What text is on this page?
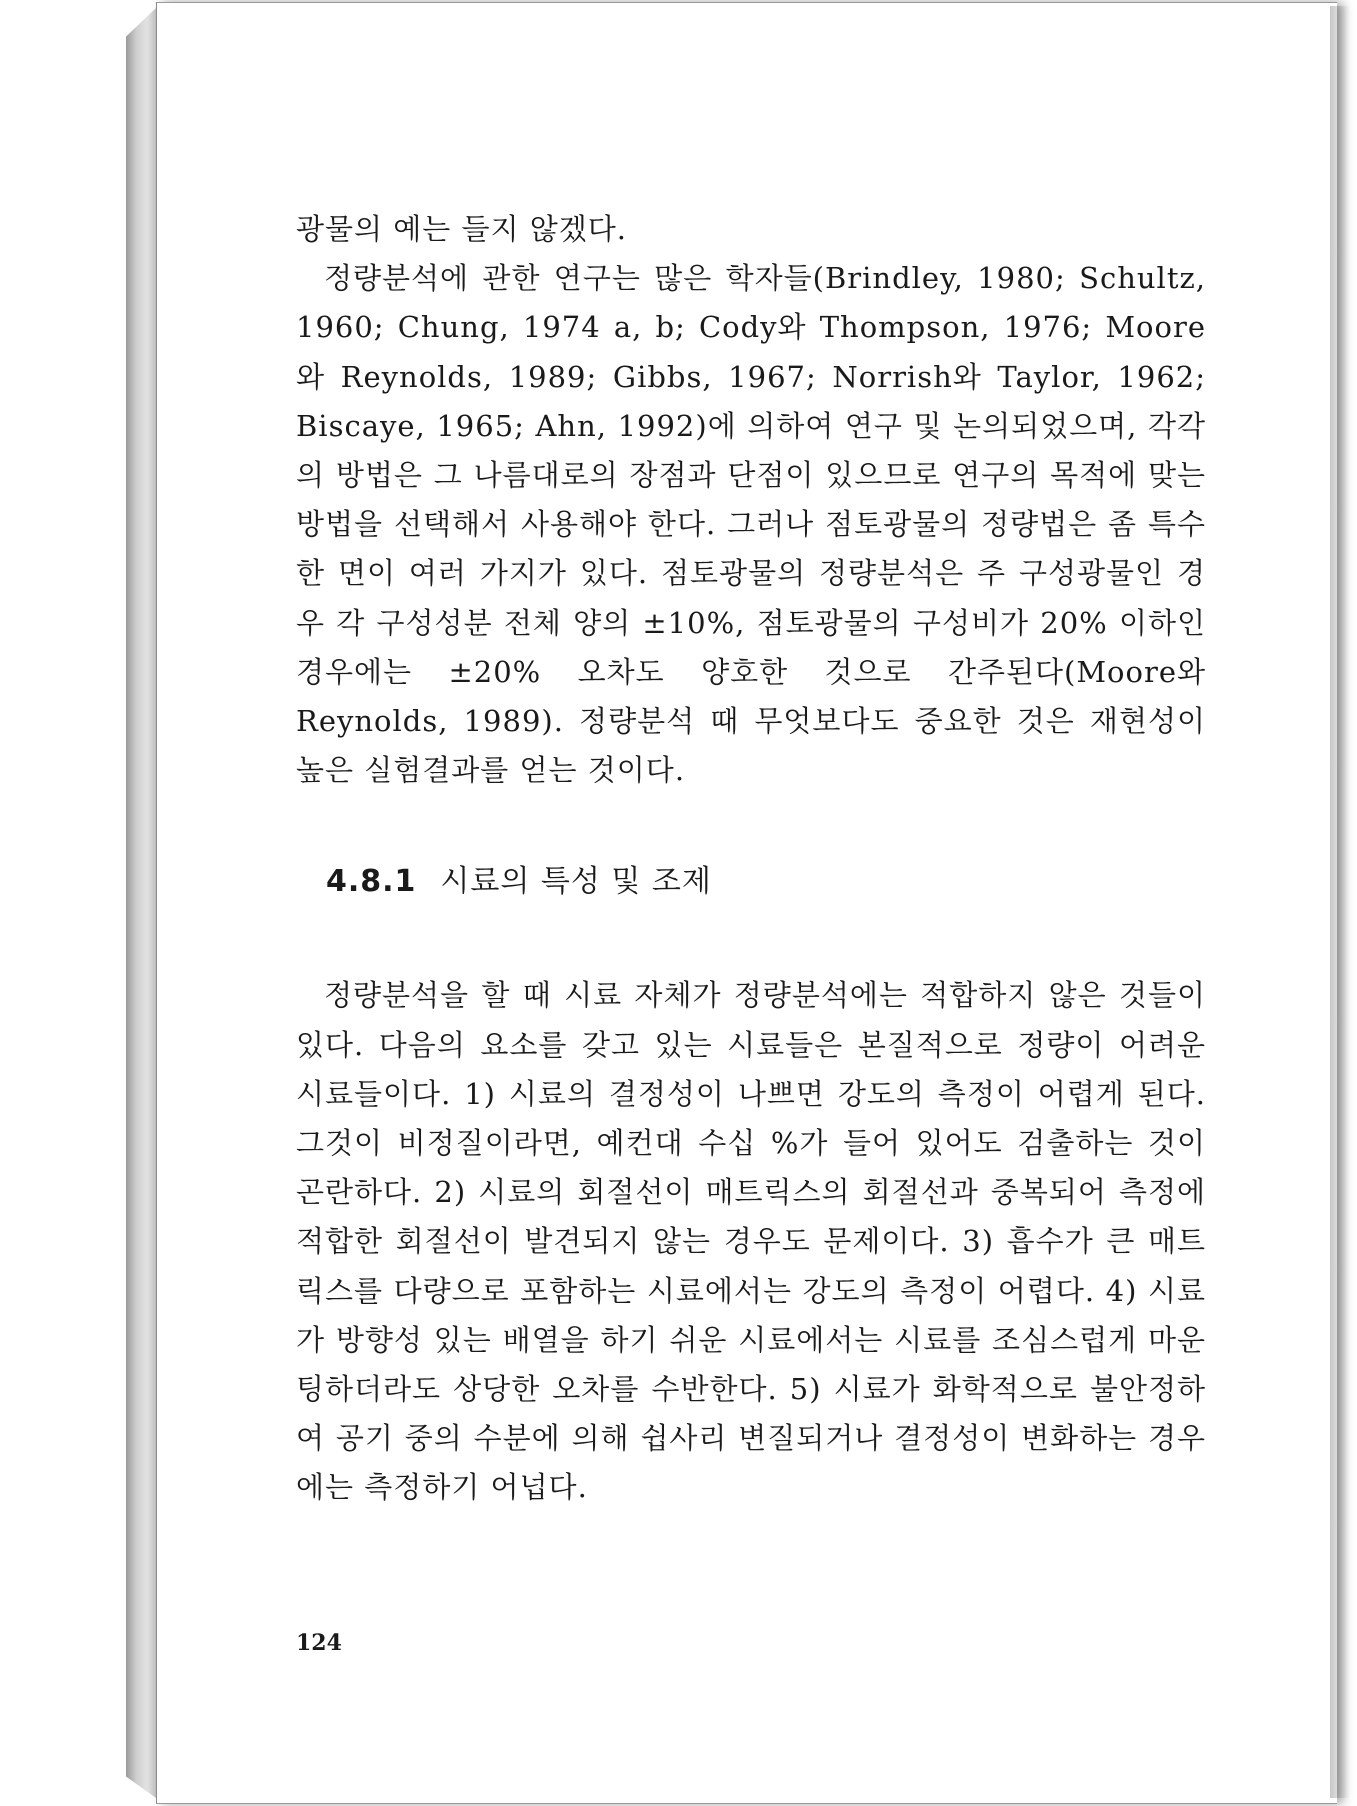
광물의 예는 들지 않겠다.

정량분석에 관한 연구는 많은 학자들(Brindley, 1980; Schultz, 1960; Chung, 1974 a, b; Cody와 Thompson, 1976; Moore와 Reynolds, 1989; Gibbs, 1967; Norrish와 Taylor, 1962; Biscaye, 1965; Ahn, 1992)에 의하여 연구 및 논의되었으며, 각각의 방법은 그 나름대로의 장점과 단점이 있으므로 연구의 목적에 맞는 방법을 선택해서 사용해야 한다. 그러나 점토광물의 정량법은 좀 특수한 면이 여러 가지가 있다. 점토광물의 정량분석은 주 구성광물인 경우 각 구성성분 전체 양의 ±10%, 점토광물의 구성비가 20% 이하인 경우에는 ±20% 오차도 양호한 것으로 간주된다(Moore와 Reynolds, 1989). 정량분석 때 무엇보다도 중요한 것은 재현성이 높은 실험결과를 얻는 것이다.

4.8.1 시료의 특성 및 조제

정량분석을 할 때 시료 자체가 정량분석에는 적합하지 않은 것들이 있다. 다음의 요소를 갖고 있는 시료들은 본질적으로 정량이 어려운 시료들이다. 1) 시료의 결정성이 나쁘면 강도의 측정이 어렵게 된다. 그것이 비정질이라면, 예컨대 수십 %가 들어 있어도 검출하는 것이 곤란하다. 2) 시료의 회절선이 매트릭스의 회절선과 중복되어 측정에 적합한 회절선이 발견되지 않는 경우도 문제이다. 3) 흡수가 큰 매트릭스를 다량으로 포함하는 시료에서는 강도의 측정이 어렵다. 4) 시료가 방향성 있는 배열을 하기 쉬운 시료에서는 시료를 조심스럽게 마운팅하더라도 상당한 오차를 수반한다. 5) 시료가 화학적으로 불안정하여 공기 중의 수분에 의해 쉽사리 변질되거나 결정성이 변화하는 경우에는 측정하기 어넙다.

124
